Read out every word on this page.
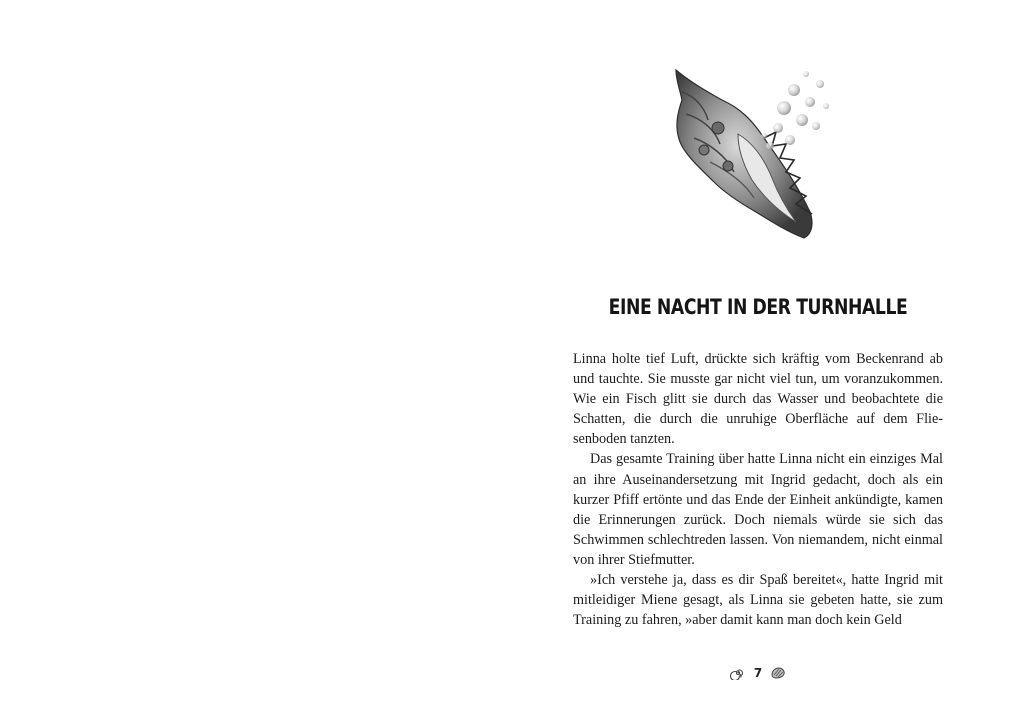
EINE NACHT IN DER TURNHALLE

Linna holte tief Luft, drückte sich kräftig vom Beckenrand ab und tauchte. Sie musste gar nicht viel tun, um voranzukommen. Wie ein Fisch glitt sie durch das Wasser und beobachtete die Schatten, die durch die unruhige Oberfläche auf dem Fliesenboden tanzten.

Das gesamte Training über hatte Linna nicht ein einziges Mal an ihre Auseinandersetzung mit Ingrid gedacht, doch als ein kurzer Pfiff ertönte und das Ende der Einheit ankündigte, kamen die Erinnerungen zurück. Doch niemals würde sie sich das Schwimmen schlechtreden lassen. Von niemandem, nicht einmal von ihrer Stiefmutter.

»Ich verstehe ja, dass es dir Spaß bereitet«, hatte Ingrid mit mitleidiger Miene gesagt, als Linna sie gebeten hatte, sie zum Training zu fahren, »aber damit kann man doch kein Geld

7
